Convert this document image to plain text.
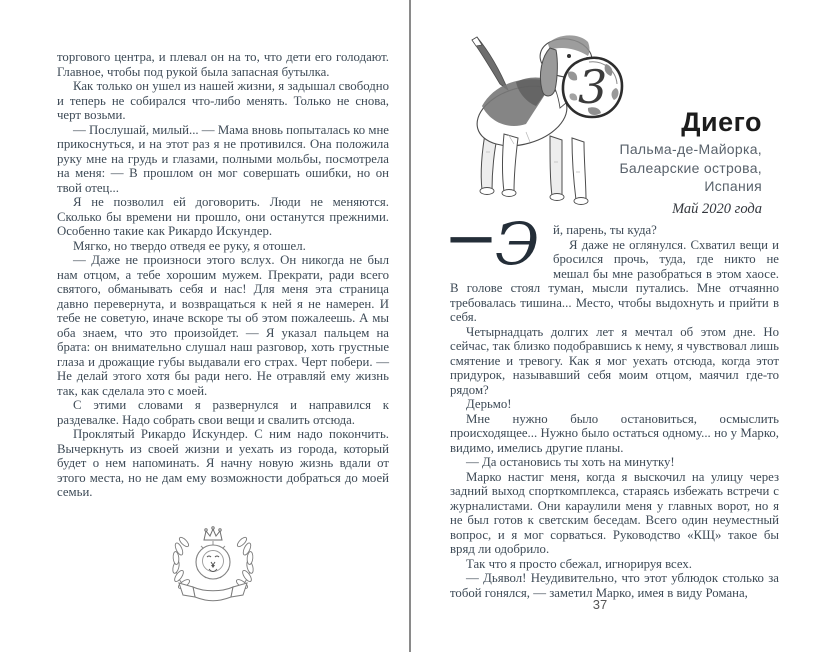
торгового центра, и плевал он на то, что дети его голодают. Главное, чтобы под рукой была запасная бутылка.

Как только он ушел из нашей жизни, я задышал свободно и теперь не собирался что-либо менять. Только не снова, черт возьми.

— Послушай, милый... — Мама вновь попыталась ко мне прикоснуться, и на этот раз я не противился. Она положила руку мне на грудь и глазами, полными мольбы, посмотрела на меня: — В прошлом он мог совершать ошибки, но он твой отец...

Я не позволил ей договорить. Люди не меняются. Сколько бы времени ни прошло, они останутся прежними. Особенно такие как Рикардо Искундер.

Мягко, но твердо отведя ее руку, я отошел.

— Даже не произноси этого вслух. Он никогда не был нам отцом, а тебе хорошим мужем. Прекрати, ради всего святого, обманывать себя и нас! Для меня эта страница давно перевернута, и возвращаться к ней я не намерен. И тебе не советую, иначе вскоре ты об этом пожалеешь. А мы оба знаем, что это произойдет. — Я указал пальцем на брата: он внимательно слушал наш разговор, хоть грустные глаза и дрожащие губы выдавали его страх. Черт побери. — Не делай этого хотя бы ради него. Не отравляй ему жизнь так, как сделала это с моей.

С этими словами я развернулся и направился к раздевалке. Надо собрать свои вещи и свалить отсюда.

Проклятый Рикардо Искундер. С ним надо покончить. Вычеркнуть из своей жизни и уехать из города, который будет о нем напоминать. Я начну новую жизнь вдали от этого места, но не дам ему возможности добраться до моей семьи.

3
Диего
Пальма-де-Майорка,
Балеарские острова,
Испания
Май 2020 года
— Э	й, парень, ты куда?

Я даже не оглянулся. Схватил вещи и бросился прочь, туда, где никто не мешал бы мне разобраться в этом хаосе. В голове стоял туман, мысли путались. Мне отчаянно требовалась тишина... Место, чтобы выдохнуть и прийти в себя.

Четырнадцать долгих лет я мечтал об этом дне. Но сейчас, так близко подобравшись к нему, я чувствовал лишь смятение и тревогу. Как я мог уехать отсюда, когда этот придурок, называвший себя моим отцом, маячил где-то рядом?

Дерьмо!

Мне нужно было остановиться, осмыслить происходящее... Нужно было остаться одному... но у Марко, видимо, имелись другие планы.

— Да остановись ты хоть на минутку!

Марко настиг меня, когда я выскочил на улицу через задний выход спорткомплекса, стараясь избежать встречи с журналистами. Они караулили меня у главных ворот, но я не был готов к светским беседам. Всего один неуместный вопрос, и я мог сорваться. Руководство «КЩ» такое бы вряд ли одобрило.

Так что я просто сбежал, игнорируя всех.

— Дьявол! Неудивительно, что этот ублюдок столько за тобой гонялся, — заметил Марко, имея в виду Романа,

37
